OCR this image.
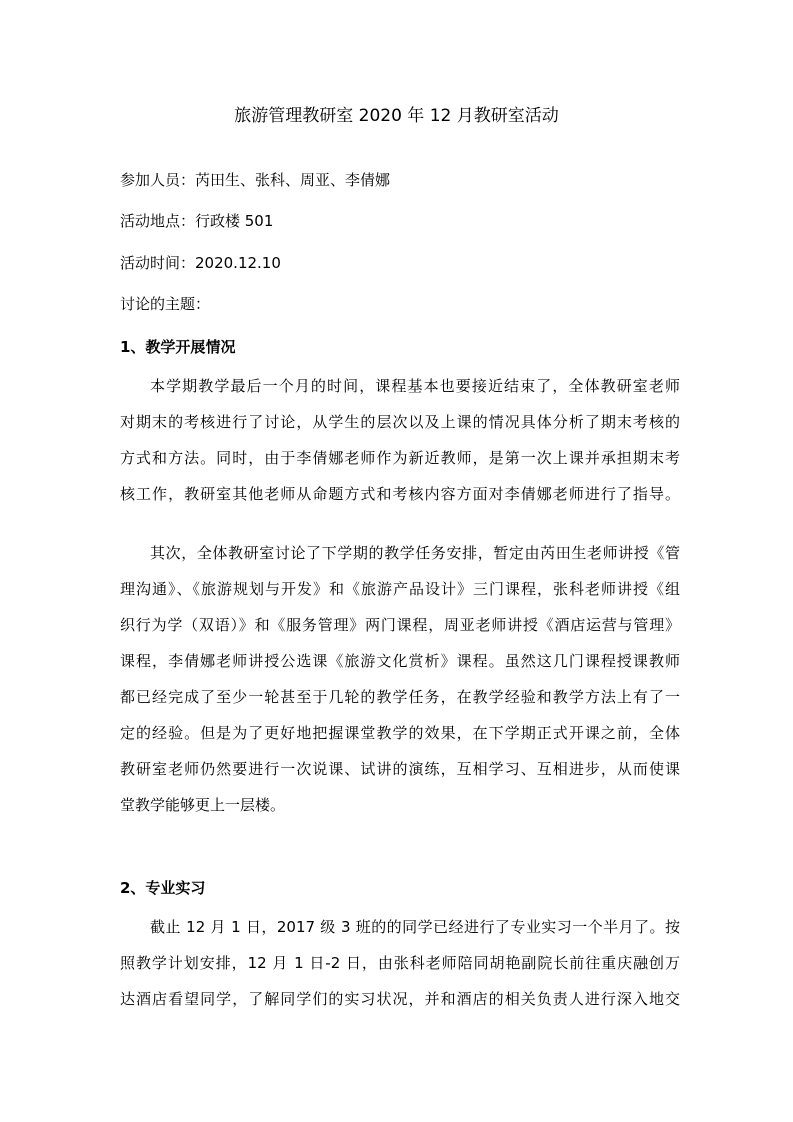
旅游管理教研室 2020 年 12 月教研室活动
参加人员：芮田生、张科、周亚、李倩娜
活动地点：行政楼 501
活动时间：2020.12.10
讨论的主题：
1、教学开展情况
本学期教学最后一个月的时间，课程基本也要接近结束了，全体教研室老师
对期末的考核进行了讨论，从学生的层次以及上课的情况具体分析了期末考核的
方式和方法。同时，由于李倩娜老师作为新近教师，是第一次上课并承担期末考
核工作，教研室其他老师从命题方式和考核内容方面对李倩娜老师进行了指导。
其次，全体教研室讨论了下学期的教学任务安排，暂定由芮田生老师讲授《管
理沟通》、《旅游规划与开发》和《旅游产品设计》三门课程，张科老师讲授《组
织行为学（双语）》和《服务管理》两门课程，周亚老师讲授《酒店运营与管理》
课程，李倩娜老师讲授公选课《旅游文化赏析》课程。虽然这几门课程授课教师
都已经完成了至少一轮甚至于几轮的教学任务，在教学经验和教学方法上有了一
定的经验。但是为了更好地把握课堂教学的效果，在下学期正式开课之前，全体
教研室老师仍然要进行一次说课、试讲的演练，互相学习、互相进步，从而使课
堂教学能够更上一层楼。
2、专业实习
截止 12 月 1 日，2017 级 3 班的的同学已经进行了专业实习一个半月了。按
照教学计划安排，12 月 1 日-2 日，由张科老师陪同胡艳副院长前往重庆融创万
达酒店看望同学，了解同学们的实习状况，并和酒店的相关负责人进行深入地交
